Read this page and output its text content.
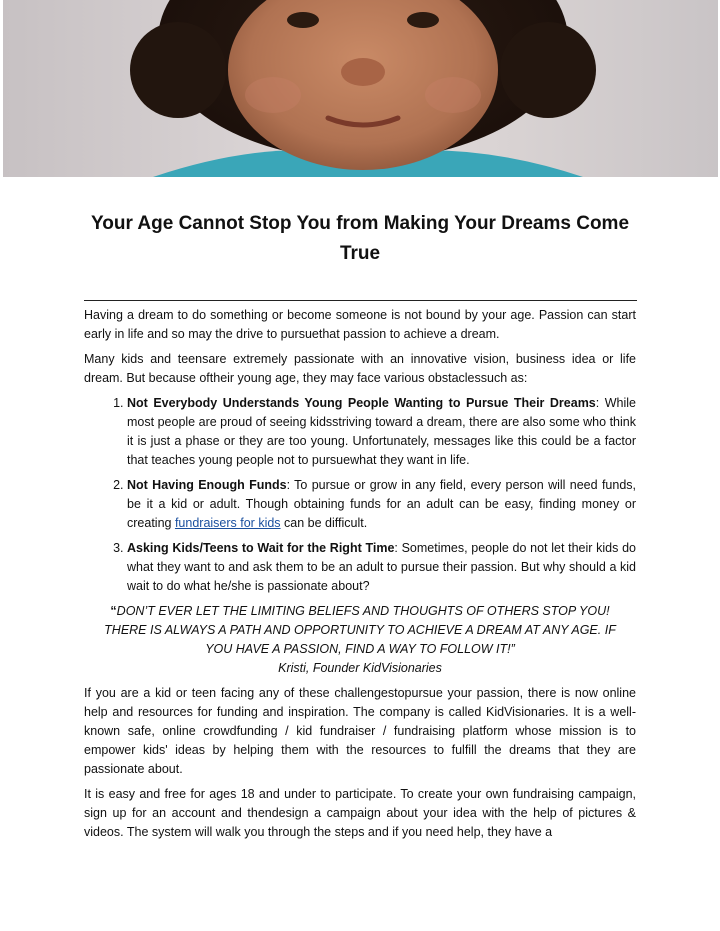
Your Age Cannot Stop You from Making Your Dreams Come True

Having a dream to do something or become someone is not bound by your age. Passion can start early in life and so may the drive to pursuethat passion to achieve a dream.

Many kids and teensare extremely passionate with an innovative vision, business idea or life dream. But because oftheir young age, they may face various obstaclessuch as:

1. Not Everybody Understands Young People Wanting to Pursue Their Dreams: While most people are proud of seeing kidsstriving toward a dream, there are also some who think it is just a phase or they are too young. Unfortunately, messages like this could be a factor that teaches young people not to pursuewhat they want in life.
2. Not Having Enough Funds: To pursue or grow in any field, every person will need funds, be it a kid or adult. Though obtaining funds for an adult can be easy, finding money or creating fundraisers for kids can be difficult.
3. Asking Kids/Teens to Wait for the Right Time: Sometimes, people do not let their kids do what they want to and ask them to be an adult to pursue their passion. But why should a kid wait to do what he/she is passionate about?
“DON’T EVER LET THE LIMITING BELIEFS AND THOUGHTS OF OTHERS STOP YOU! THERE IS ALWAYS A PATH AND OPPORTUNITY TO ACHIEVE A DREAM AT ANY AGE. IF YOU HAVE A PASSION, FIND A WAY TO FOLLOW IT!”
Kristi, Founder KidVisionaries

If you are a kid or teen facing any of these challengestopursue your passion, there is now online help and resources for funding and inspiration. The company is called KidVisionaries. It is a well-known safe, online crowdfunding / kid fundraiser / fundraising platform whose mission is to empower kids' ideas by helping them with the resources to fulfill the dreams that they are passionate about.

It is easy and free for ages 18 and under to participate. To create your own fundraising campaign, sign up for an account and thendesign a campaign about your idea with the help of pictures & videos. The system will walk you through the steps and if you need help, they have a
